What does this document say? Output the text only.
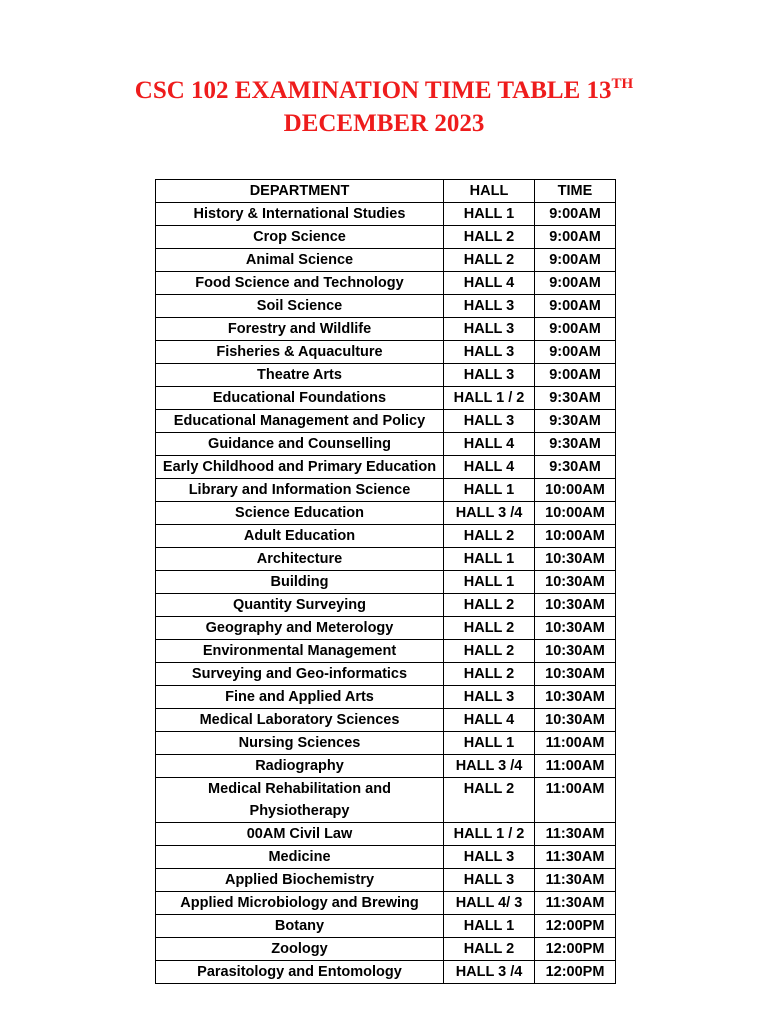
CSC 102 EXAMINATION TIME TABLE 13TH
DECEMBER 2023
DEPARTMENT	HALL	TIME
History & International Studies	HALL 1	9:00AM
Crop Science	HALL 2	9:00AM
Animal Science	HALL 2	9:00AM
Food Science and Technology	HALL 4	9:00AM
Soil Science	HALL 3	9:00AM
Forestry and Wildlife	HALL 3	9:00AM
Fisheries & Aquaculture	HALL 3	9:00AM
Theatre Arts	HALL 3	9:00AM
Educational Foundations	HALL 1 / 2	9:30AM
Educational Management and Policy	HALL 3	9:30AM
Guidance and Counselling	HALL 4	9:30AM
Early Childhood and Primary Education	HALL 4	9:30AM
Library and Information Science	HALL 1	10:00AM
Science Education	HALL 3 /4	10:00AM
Adult Education	HALL 2	10:00AM
Architecture	HALL 1	10:30AM
Building	HALL 1	10:30AM
Quantity Surveying	HALL 2	10:30AM
Geography and Meterology	HALL 2	10:30AM
Environmental Management	HALL 2	10:30AM
Surveying and Geo-informatics	HALL 2	10:30AM
Fine and Applied Arts	HALL 3	10:30AM
Medical Laboratory Sciences	HALL 4	10:30AM
Nursing Sciences	HALL 1	11:00AM
Radiography	HALL 3 /4	11:00AM
Medical Rehabilitation and Physiotherapy	HALL 2	11:00AM
00AM Civil Law	HALL 1 / 2	11:30AM
Medicine	HALL 3	11:30AM
Applied Biochemistry	HALL 3	11:30AM
Applied Microbiology and Brewing	HALL 4/ 3	11:30AM
Botany	HALL 1	12:00PM
Zoology	HALL 2	12:00PM
Parasitology and Entomology	HALL 3 /4	12:00PM
